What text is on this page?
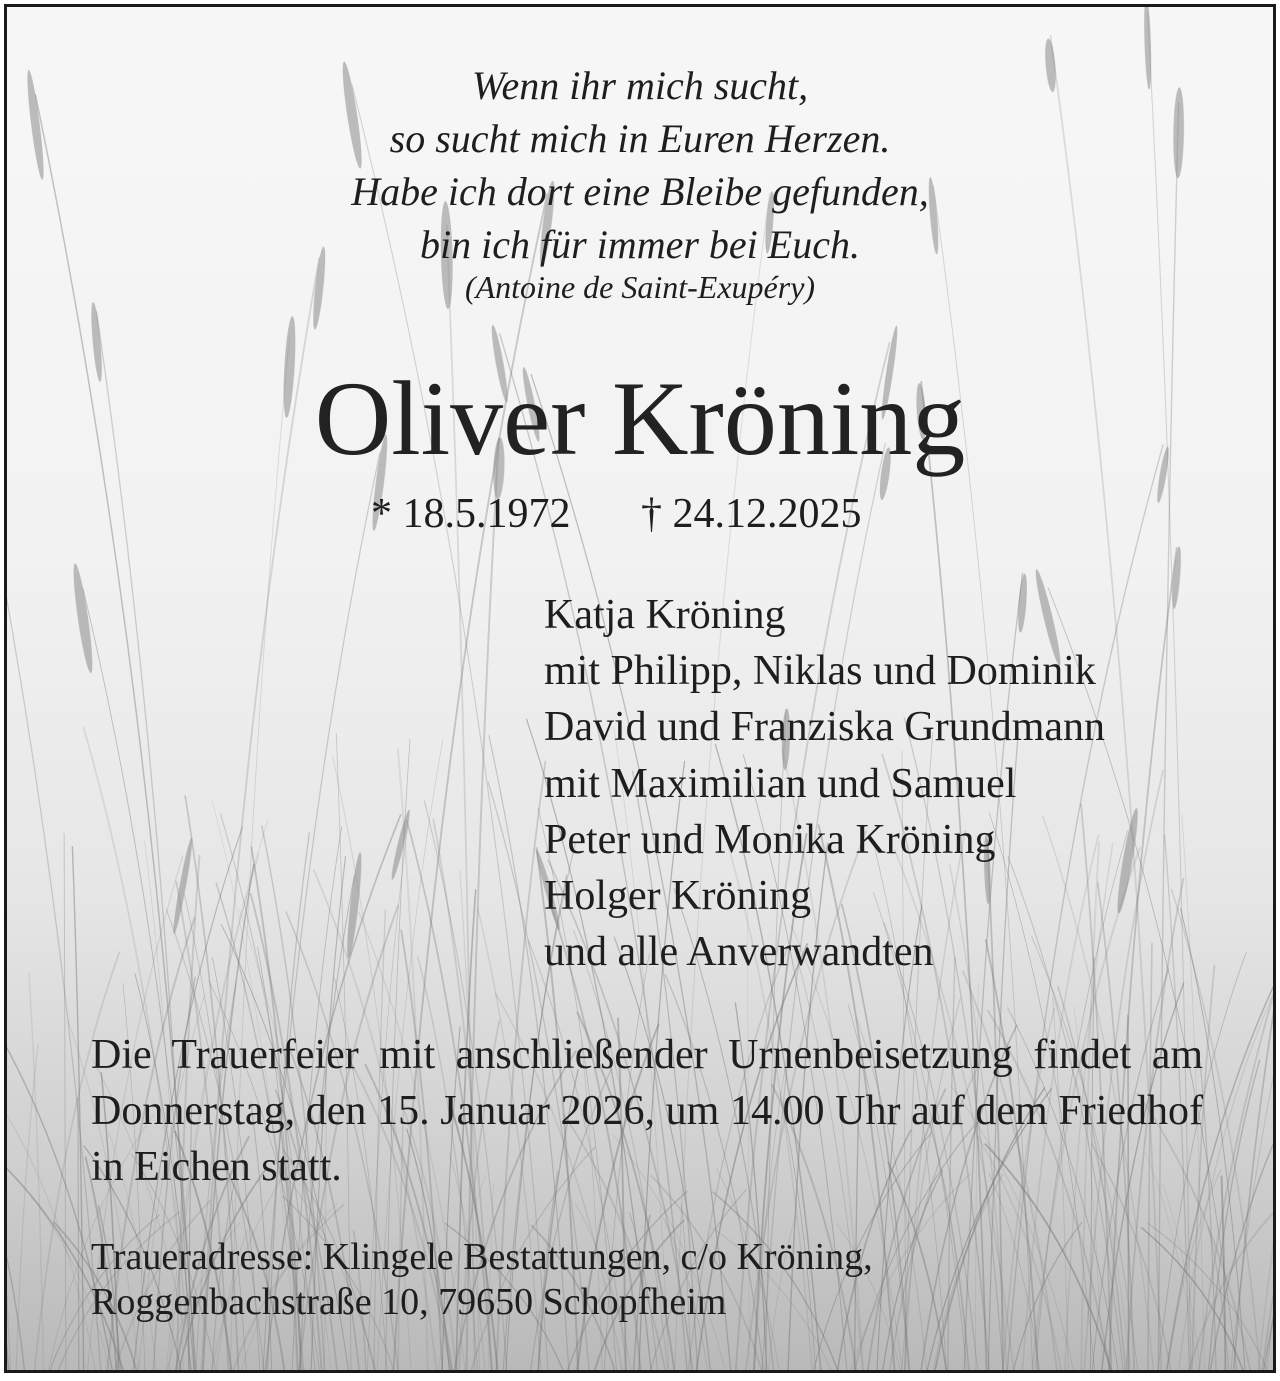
Wenn ihr mich sucht,
so sucht mich in Euren Herzen.
Habe ich dort eine Bleibe gefunden,
bin ich für immer bei Euch.
(Antoine de Saint-Exupéry)
Oliver Kröning
* 18.5.1972 † 24.12.2025
Katja Kröning
mit Philipp, Niklas und Dominik
David und Franziska Grundmann
mit Maximilian und Samuel
Peter und Monika Kröning
Holger Kröning
und alle Anverwandten
Die Trauerfeier mit anschließender Urnenbeisetzung findet am Donnerstag, den 15. Januar 2026, um 14.00 Uhr auf dem Friedhof in Eichen statt.
Traueradresse: Klingele Bestattungen, c/o Kröning,
Roggenbachstraße 10, 79650 Schopfheim
